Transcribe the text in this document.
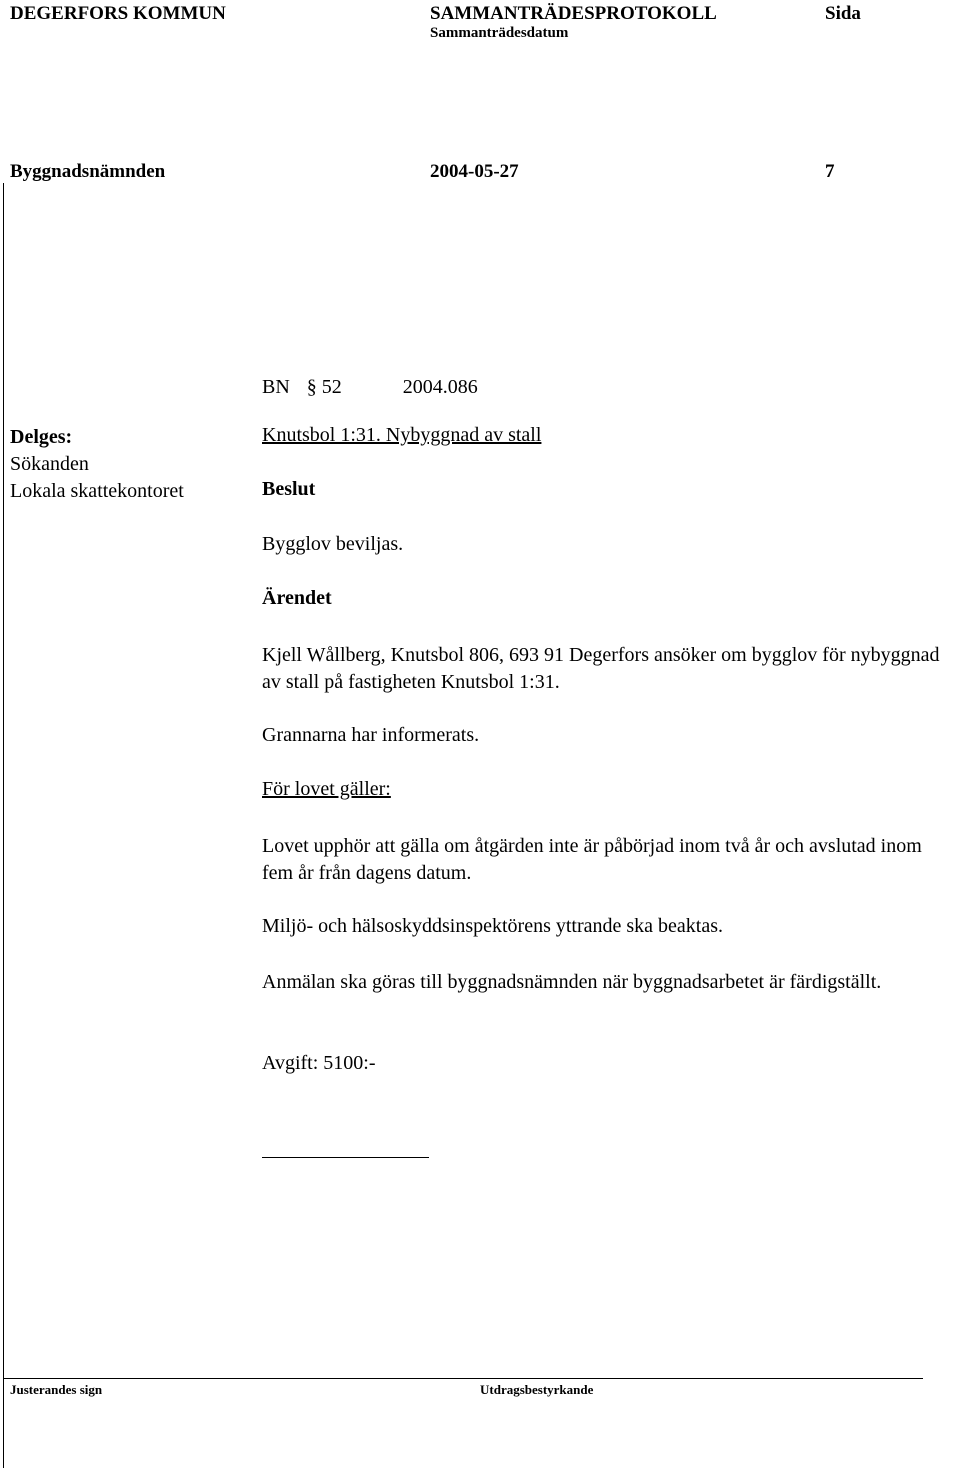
DEGERFORS KOMMUN	SAMMANTRÄDESPROTOKOLL
Sammanträdesdatum
Sida
Byggnadsnämnden	2004-05-27	7
BN § 52	2004.086
Delges:
Sökanden
Lokala skattekontoret
Knutsbol 1:31. Nybyggnad av stall
Beslut
Bygglov beviljas.
Ärendet
Kjell Wållberg, Knutsbol 806, 693 91 Degerfors ansöker om bygglov för nybyggnad av stall på fastigheten Knutsbol 1:31.
Grannarna har informerats.
För lovet gäller:
Lovet upphör att gälla om åtgärden inte är påbörjad inom två år och avslutad inom fem år från dagens datum.
Miljö- och hälsoskyddsinspektörens yttrande ska beaktas.
Anmälan ska göras till byggnadsnämnden när byggnadsarbetet är färdigställt.
Avgift: 5100:-
Justerandes sign	Utdragsbestyrkande
